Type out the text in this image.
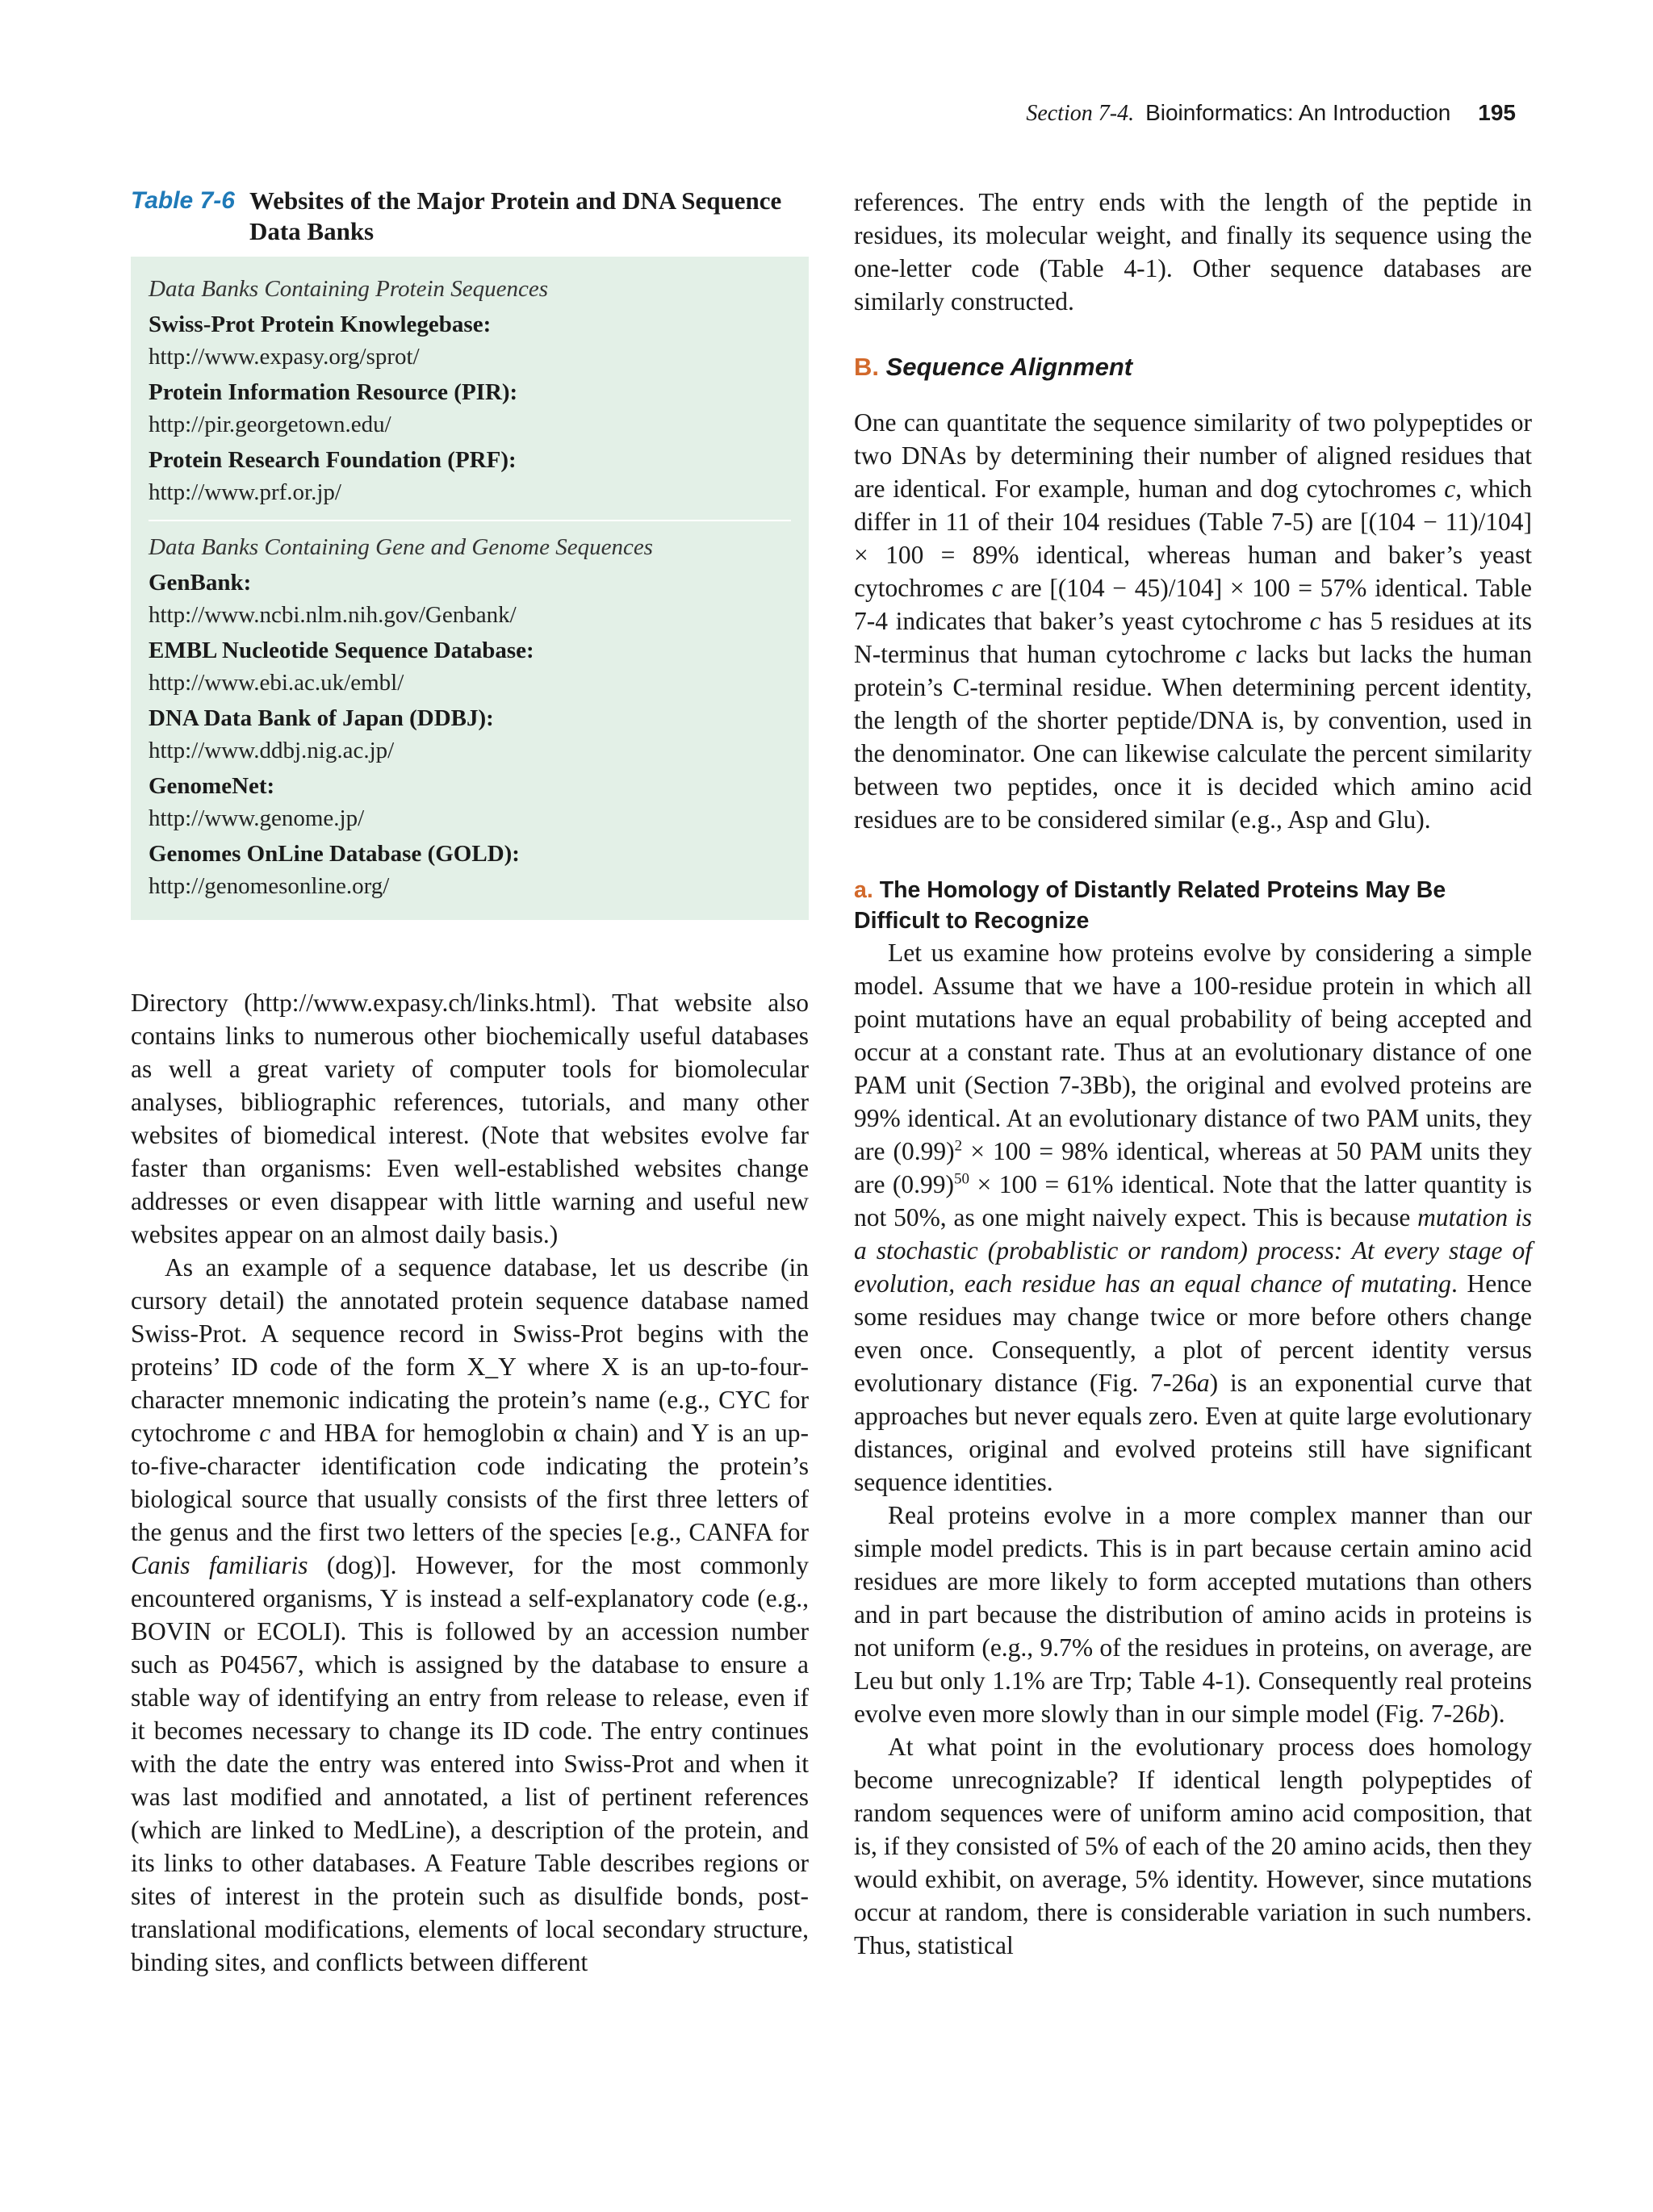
Section 7-4. Bioinformatics: An Introduction 195
Table 7-6 Websites of the Major Protein and DNA Sequence Data Banks
Data Banks Containing Protein Sequences
Swiss-Prot Protein Knowlegebase:
http://www.expasy.org/sprot/
Protein Information Resource (PIR):
http://pir.georgetown.edu/
Protein Research Foundation (PRF):
http://www.prf.or.jp/
Data Banks Containing Gene and Genome Sequences
GenBank:
http://www.ncbi.nlm.nih.gov/Genbank/
EMBL Nucleotide Sequence Database:
http://www.ebi.ac.uk/embl/
DNA Data Bank of Japan (DDBJ):
http://www.ddbj.nig.ac.jp/
GenomeNet:
http://www.genome.jp/
Genomes OnLine Database (GOLD):
http://genomesonline.org/

Directory (http://www.expasy.ch/links.html). That website also contains links to numerous other biochemically useful databases as well a great variety of computer tools for biomolecular analyses, bibliographic references, tutorials, and many other websites of biomedical interest. (Note that websites evolve far faster than organisms: Even well-established websites change addresses or even disappear with little warning and useful new websites appear on an almost daily basis.)

As an example of a sequence database, let us describe (in cursory detail) the annotated protein sequence database named Swiss-Prot. A sequence record in Swiss-Prot begins with the proteins’ ID code of the form X_Y where X is an up-to-four-character mnemonic indicating the protein’s name (e.g., CYC for cytochrome c and HBA for hemoglobin α chain) and Y is an up-to-five-character identification code indicating the protein’s biological source that usually consists of the first three letters of the genus and the first two letters of the species [e.g., CANFA for Canis familiaris (dog)]. However, for the most commonly encountered organisms, Y is instead a self-explanatory code (e.g., BOVIN or ECOLI). This is followed by an accession number such as P04567, which is assigned by the database to ensure a stable way of identifying an entry from release to release, even if it becomes necessary to change its ID code. The entry continues with the date the entry was entered into Swiss-Prot and when it was last modified and annotated, a list of pertinent references (which are linked to MedLine), a description of the protein, and its links to other databases. A Feature Table describes regions or sites of interest in the protein such as disulfide bonds, post-translational modifications, elements of local secondary structure, binding sites, and conflicts between different

references. The entry ends with the length of the peptide in residues, its molecular weight, and finally its sequence using the one-letter code (Table 4-1). Other sequence databases are similarly constructed.

B. Sequence Alignment

One can quantitate the sequence similarity of two polypeptides or two DNAs by determining their number of aligned residues that are identical. For example, human and dog cytochromes c, which differ in 11 of their 104 residues (Table 7-5) are [(104 − 11)/104] × 100 = 89% identical, whereas human and baker’s yeast cytochromes c are [(104 − 45)/104] × 100 = 57% identical. Table 7-4 indicates that baker’s yeast cytochrome c has 5 residues at its N-terminus that human cytochrome c lacks but lacks the human protein’s C-terminal residue. When determining percent identity, the length of the shorter peptide/DNA is, by convention, used in the denominator. One can likewise calculate the percent similarity between two peptides, once it is decided which amino acid residues are to be considered similar (e.g., Asp and Glu).

a. The Homology of Distantly Related Proteins May Be Difficult to Recognize

Let us examine how proteins evolve by considering a simple model. Assume that we have a 100-residue protein in which all point mutations have an equal probability of being accepted and occur at a constant rate. Thus at an evolutionary distance of one PAM unit (Section 7-3Bb), the original and evolved proteins are 99% identical. At an evolutionary distance of two PAM units, they are $(0.99)^2 \times 100 = 98\%$ identical, whereas at 50 PAM units they are $(0.99)^{50} \times 100 = 61\%$ identical. Note that the latter quantity is not 50%, as one might naively expect. This is because mutation is a stochastic (probablistic or random) process: At every stage of evolution, each residue has an equal chance of mutating. Hence some residues may change twice or more before others change even once. Consequently, a plot of percent identity versus evolutionary distance (Fig. 7-26a) is an exponential curve that approaches but never equals zero. Even at quite large evolutionary distances, original and evolved proteins still have significant sequence identities.

Real proteins evolve in a more complex manner than our simple model predicts. This is in part because certain amino acid residues are more likely to form accepted mutations than others and in part because the distribution of amino acids in proteins is not uniform (e.g., 9.7% of the residues in proteins, on average, are Leu but only 1.1% are Trp; Table 4-1). Consequently real proteins evolve even more slowly than in our simple model (Fig. 7-26b).

At what point in the evolutionary process does homology become unrecognizable? If identical length polypeptides of random sequences were of uniform amino acid composition, that is, if they consisted of 5% of each of the 20 amino acids, then they would exhibit, on average, 5% identity. However, since mutations occur at random, there is considerable variation in such numbers. Thus, statistical
